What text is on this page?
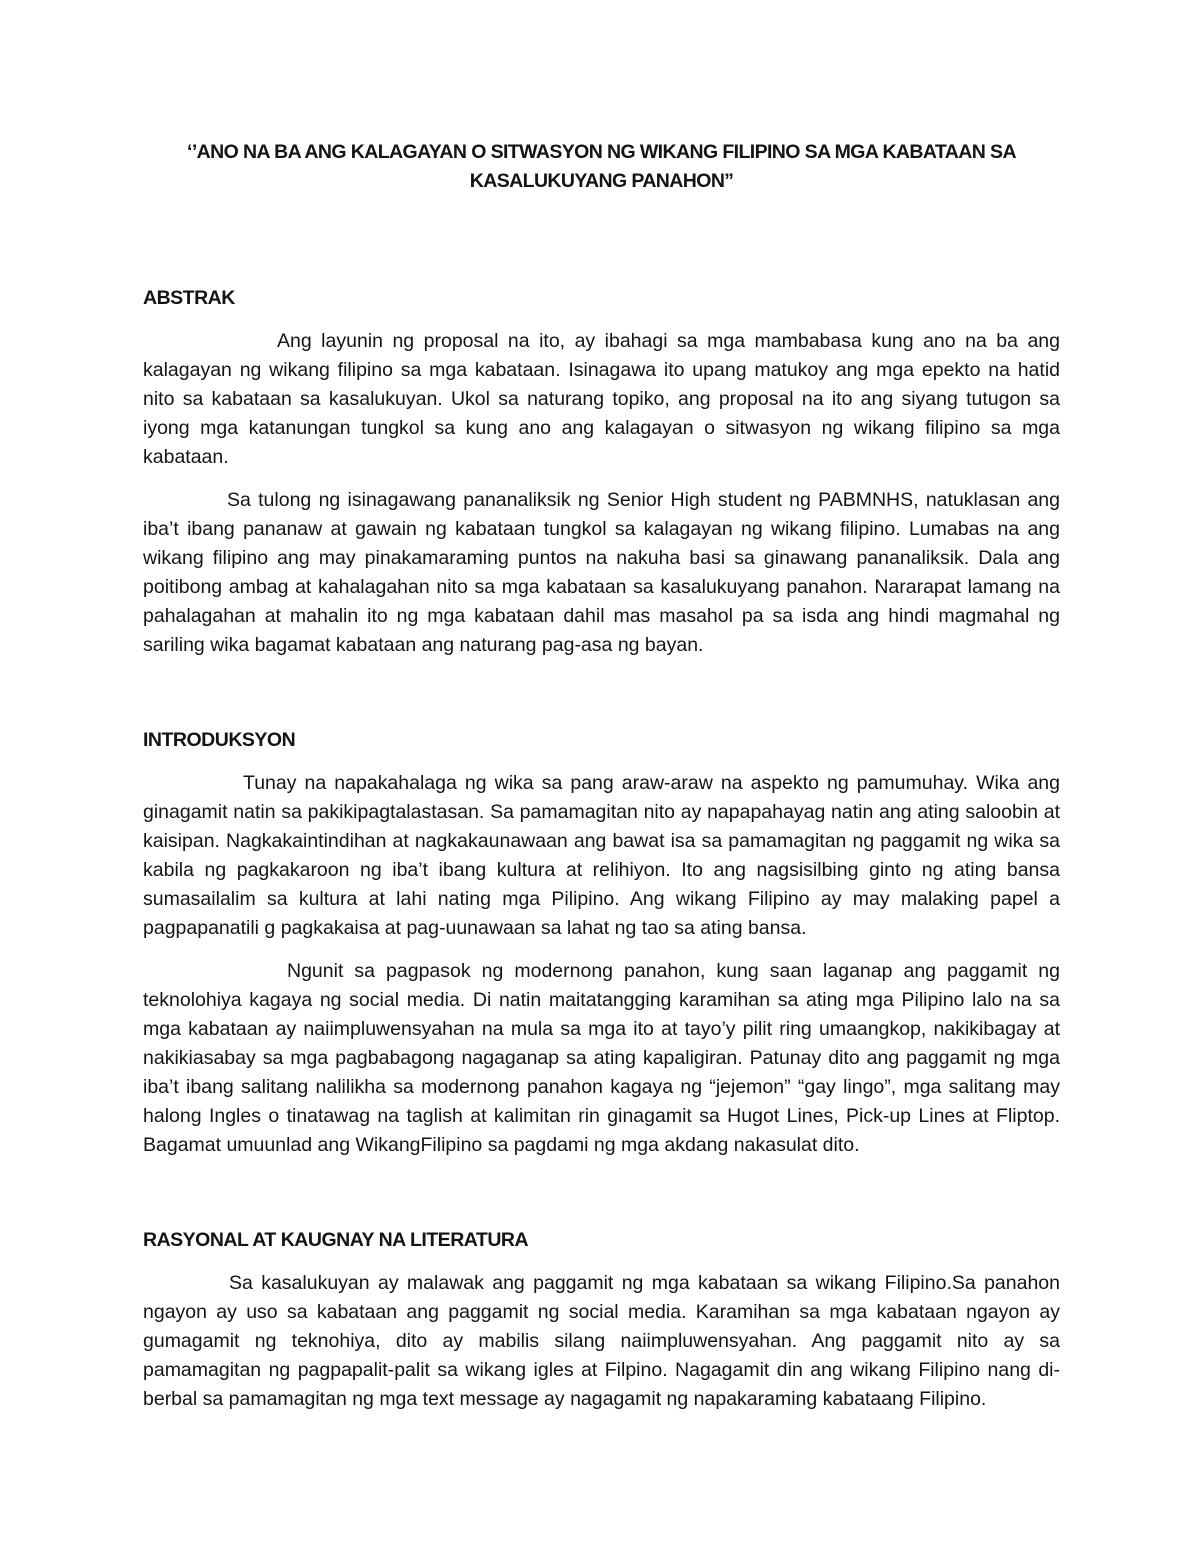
‘’ANO NA BA ANG KALAGAYAN O SITWASYON NG WIKANG FILIPINO SA MGA KABATAAN SA KASALUKUYANG PANAHON’’
ABSTRAK

Ang layunin ng proposal na ito, ay ibahagi sa mga mambabasa kung ano na ba ang kalagayan ng wikang filipino sa mga kabataan. Isinagawa ito upang matukoy ang mga epekto na hatid nito sa kabataan sa kasalukuyan. Ukol sa naturang topiko, ang proposal na ito ang siyang tutugon sa iyong mga katanungan tungkol sa kung ano ang kalagayan o sitwasyon ng wikang filipino sa mga kabataan.

Sa tulong ng isinagawang pananaliksik ng Senior High student ng PABMNHS, natuklasan ang iba’t ibang pananaw at gawain ng kabataan tungkol sa kalagayan ng wikang filipino. Lumabas na ang wikang filipino ang may pinakamaraming puntos na nakuha basi sa ginawang pananaliksik. Dala ang poitibong ambag at kahalagahan nito sa mga kabataan sa kasalukuyang panahon. Nararapat lamang na pahalagahan at mahalin ito ng mga kabataan dahil mas masahol pa sa isda ang hindi magmahal ng sariling wika bagamat kabataan ang naturang pag-asa ng bayan.

INTRODUKSYON

Tunay na napakahalaga ng wika sa pang araw-araw na aspekto ng pamumuhay. Wika ang ginagamit natin sa pakikipagtalastasan. Sa pamamagitan nito ay napapahayag natin ang ating saloobin at kaisipan. Nagkakaintindihan at nagkakaunawaan ang bawat isa sa pamamagitan ng paggamit ng wika sa kabila ng pagkakaroon ng iba’t ibang kultura at relihiyon. Ito ang nagsisilbing ginto ng ating bansa sumasailalim sa kultura at lahi nating mga Pilipino. Ang wikang Filipino ay may malaking papel a pagpapanatili g pagkakaisa at pag-uunawaan sa lahat ng tao sa ating bansa.

Ngunit sa pagpasok ng modernong panahon, kung saan laganap ang paggamit ng teknolohiya kagaya ng social media. Di natin maitatangging karamihan sa ating mga Pilipino lalo na sa mga kabataan ay naiimpluwensyahan na mula sa mga ito at tayo’y pilit ring umaangkop, nakikibagay at nakikiasabay sa mga pagbabagong nagaganap sa ating kapaligiran. Patunay dito ang paggamit ng mga iba’t ibang salitang nalilikha sa modernong panahon kagaya ng “jejemon” “gay lingo”, mga salitang may halong Ingles o tinatawag na taglish at kalimitan rin ginagamit sa Hugot Lines, Pick-up Lines at Fliptop. Bagamat umuunlad ang WikangFilipino sa pagdami ng mga akdang nakasulat dito.

RASYONAL AT KAUGNAY NA LITERATURA

Sa kasalukuyan ay malawak ang paggamit ng mga kabataan sa wikang Filipino.Sa panahon ngayon ay uso sa kabataan ang paggamit ng social media. Karamihan sa mga kabataan ngayon ay gumagamit ng teknohiya, dito ay mabilis silang naiimpluwensyahan. Ang paggamit nito ay sa pamamagitan ng pagpapalit-palit sa wikang igles at Filpino. Nagagamit din ang wikang Filipino nang di-berbal sa pamamagitan ng mga text message ay nagagamit ng napakaraming kabataang Filipino.
